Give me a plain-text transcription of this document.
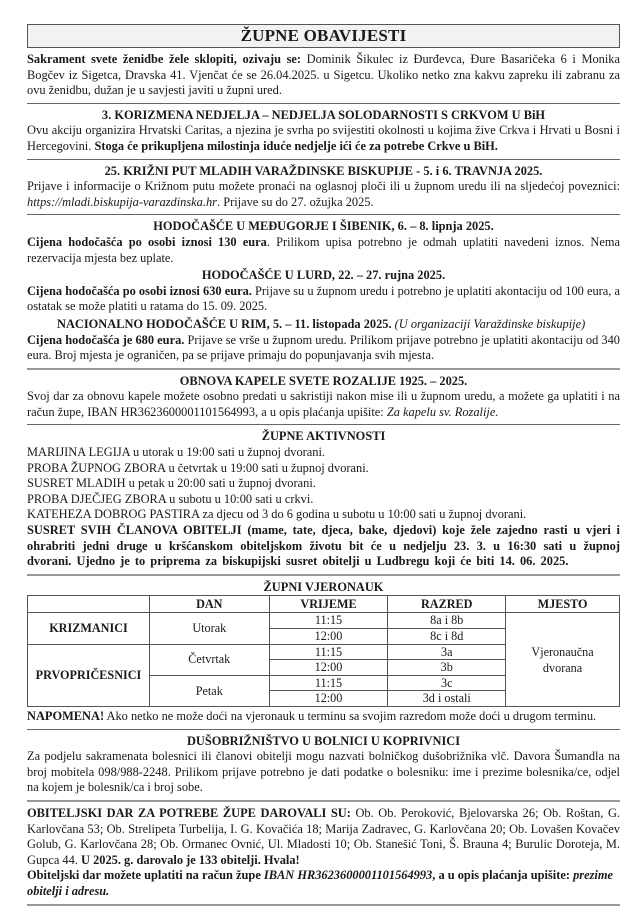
ŽUPNE OBAVIJESTI

Sakrament svete ženidbe žele sklopiti, ozivaju se: Dominik Šikulec iz Đurđevca, Đure Basaričeka 6 i Monika Bogčev iz Sigetca, Dravska 41. Vjenčat će se 26.04.2025. u Sigetcu. Ukoliko netko zna kakvu zapreku ili zabranu za ovu ženidbu, dužan je u savjesti javiti u župni ured.

3. KORIZMENA NEDJELJA – NEDJELJA SOLODARNOSTI S CRKVOM U BiH

Ovu akciju organizira Hrvatski Caritas, a njezina je svrha po svijestiti okolnosti u kojima žive Crkva i Hrvati u Bosni i Hercegovini. Stoga će prikupljena milostinja iduće nedjelje ići će za potrebe Crkve u BiH.

25. KRIŽNI PUT MLADIH VARAŽDINSKE BISKUPIJE - 5. i 6. TRAVNJA 2025.

Prijave i informacije o Križnom putu možete pronaći na oglasnoj ploči ili u župnom uredu ili na sljedećoj poveznici: https://mladi.biskupija-varazdinska.hr. Prijave su do 27. ožujka 2025.

HODOČAŠĆE U MEĐUGORJE I ŠIBENIK, 6. – 8. lipnja 2025.

Cijena hodočašća po osobi iznosi 130 eura. Prilikom upisa potrebno je odmah uplatiti navedeni iznos. Nema rezervacija mjesta bez uplate.

HODOČAŠĆE U LURD, 22. – 27. rujna 2025.

Cijena hodočašća po osobi iznosi 630 eura. Prijave su u župnom uredu i potrebno je uplatiti akontaciju od 100 eura, a ostatak se može platiti u ratama do 15. 09. 2025.

NACIONALNO HODOČAŠĆE U RIM, 5. – 11. listopada 2025. (U organizaciji Varaždinske biskupije)

Cijena hodočašća je 680 eura. Prijave se vrše u župnom uredu. Prilikom prijave potrebno je uplatiti akontaciju od 340 eura. Broj mjesta je ograničen, pa se prijave primaju do popunjavanja svih mjesta.

OBNOVA KAPELE SVETE ROZALIJE 1925. – 2025.

Svoj dar za obnovu kapele možete osobno predati u sakristiji nakon mise ili u župnom uredu, a možete ga uplatiti i na račun župe, IBAN HR3623600001101564993, a u opis plaćanja upišite: Za kapelu sv. Rozalije.

ŽUPNE AKTIVNOSTI

MARIJINA LEGIJA u utorak u 19:00 sati u župnoj dvorani.

PROBA ŽUPNOG ZBORA u četvrtak u 19:00 sati u župnoj dvorani.

SUSRET MLADIH u petak u 20:00 sati u župnoj dvorani.

PROBA DJEČJEG ZBORA u subotu u 10:00 sati u crkvi.

KATEHEZA DOBROG PASTIRA za djecu od 3 do 6 godina u subotu u 10:00 sati u župnoj dvorani.

SUSRET SVIH ČLANOVA OBITELJI (mame, tate, djeca, bake, djedovi) koje žele zajedno rasti u vjeri i ohrabriti jedni druge u kršćanskom obiteljskom životu bit će u nedjelju 23. 3. u 16:30 sati u župnoj dvorani. Ujedno je to priprema za biskupijski susret obitelji u Ludbregu koji će biti 14. 06. 2025.

ŽUPNI VJERONAUK

	DAN	VRIJEME	RAZRED	MJESTO
KRIZMANICI	Utorak	11:15	8a i 8b	Vjeronaučna dvorana
		12:00	8c i 8d	
PRVOPRIČESNICI	Četvrtak	11:15	3a	
		12:00	3b	
	Petak	11:15	3c	
		12:00	3d i ostali	

NAPOMENA! Ako netko ne može doći na vjeronauk u terminu sa svojim razredom može doći u drugom terminu.

DUŠOBRIŽNIŠTVO U BOLNICI U KOPRIVNICI

Za podjelu sakramenata bolesnici ili članovi obitelji mogu nazvati bolničkog dušobrižnika vlč. Davora Šumandla na broj mobitela 098/988-2248. Prilikom prijave potrebno je dati podatke o bolesniku: ime i prezime bolesnika/ce, odjel na kojem je bolesnik/ca i broj sobe.

OBITELJSKI DAR ZA POTREBE ŽUPE DAROVALI SU: Ob. Ob. Peroković, Bjelovarska 26; Ob. Roštan, G. Karlovčana 53; Ob. Strelipeta Turbelija, I. G. Kovačića 18; Marija Zadravec, G. Karlovčana 20; Ob. Lovašen Kovačev Golub, G. Karlovčana 28; Ob. Ormanec Ovnić, Ul. Mladosti 10; Ob. Stanešić Toni, Š. Brauna 4; Burulic Doroteja, M. Gupca 44. U 2025. g. darovalo je 133 obitelji. Hvala!

Obiteljski dar možete uplatiti na račun župe IBAN HR3623600001101564993, a u opis plaćanja upišite: prezime obitelji i adresu.
